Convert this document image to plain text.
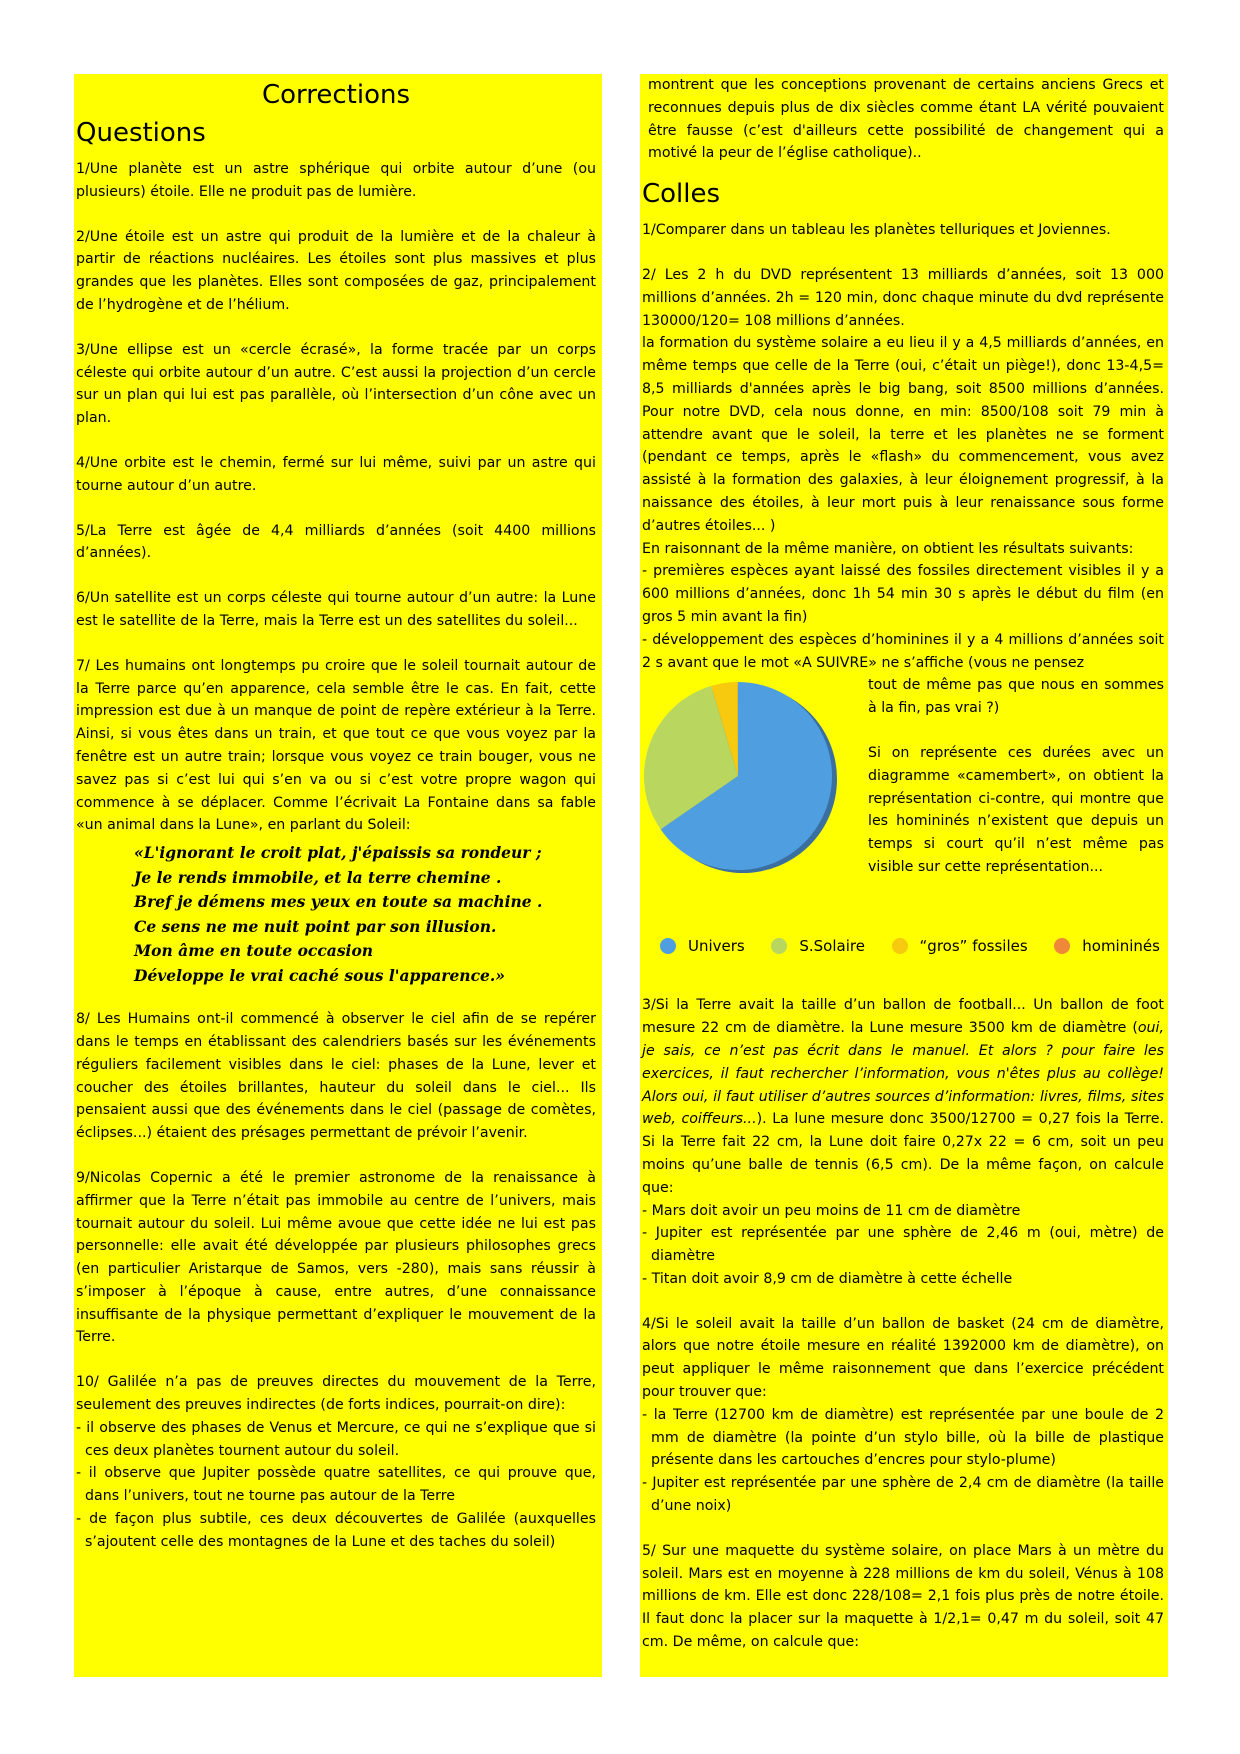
Corrections
Questions

1/Une planète est un astre sphérique qui orbite autour d’une (ou plusieurs) étoile. Elle ne produit pas de lumière.

2/Une étoile est un astre qui produit de la lumière et de la chaleur à partir de réactions nucléaires. Les étoiles sont plus massives et plus grandes que les planètes. Elles sont composées de gaz, principalement de l’hydrogène et de l’hélium.

3/Une ellipse est un «cercle écrasé», la forme tracée par un corps céleste qui orbite autour d’un autre. C’est aussi la projection d’un cercle sur un plan qui lui est pas parallèle, où l’intersection d’un cône avec un plan.

4/Une orbite est le chemin, fermé sur lui même, suivi par un astre qui tourne autour d’un autre.

5/La Terre est âgée de 4,4 milliards d’années (soit 4400 millions d’années).

6/Un satellite est un corps céleste qui tourne autour d’un autre: la Lune est le satellite de la Terre, mais la Terre est un des satellites du soleil...

7/ Les humains ont longtemps pu croire que le soleil tournait autour de la Terre parce qu’en apparence, cela semble être le cas. En fait, cette impression est due à un manque de point de repère extérieur à la Terre. Ainsi, si vous êtes dans un train, et que tout ce que vous voyez par la fenêtre est un autre train; lorsque vous voyez ce train bouger, vous ne savez pas si c’est lui qui s’en va ou si c’est votre propre wagon qui commence à se déplacer. Comme l’écrivait La Fontaine dans sa fable «un animal dans la Lune», en parlant du Soleil:

«L'ignorant le croit plat, j'épaissis sa rondeur ;
Je le rends immobile, et la terre chemine .
Bref je démens mes yeux en toute sa machine .
Ce sens ne me nuit point par son illusion.
Mon âme en toute occasion
Développe le vrai caché sous l'apparence.»

8/ Les Humains ont-il commencé à observer le ciel afin de se repérer dans le temps en établissant des calendriers basés sur les événements réguliers facilement visibles dans le ciel: phases de la Lune, lever et coucher des étoiles brillantes, hauteur du soleil dans le ciel... Ils pensaient aussi que des événements dans le ciel (passage de comètes, éclipses...) étaient des présages permettant de prévoir l’avenir.

9/Nicolas Copernic a été le premier astronome de la renaissance à affirmer que la Terre n’était pas immobile au centre de l’univers, mais tournait autour du soleil. Lui même avoue que cette idée ne lui est pas personnelle: elle avait été développée par plusieurs philosophes grecs (en particulier Aristarque de Samos, vers -280), mais sans réussir à s’imposer à l’époque à cause, entre autres, d’une connaissance insuffisante de la physique permettant d’expliquer le mouvement de la Terre.

10/ Galilée n’a pas de preuves directes du mouvement de la Terre, seulement des preuves indirectes (de forts indices, pourrait-on dire):

- il observe des phases de Venus et Mercure, ce qui ne s’explique que si ces deux planètes tournent autour du soleil.
- il observe que Jupiter possède quatre satellites, ce qui prouve que, dans l’univers, tout ne tourne pas autour de la Terre
- de façon plus subtile, ces deux découvertes de Galilée (auxquelles s’ajoutent celle des montagnes de la Lune et des taches du soleil)

montrent que les conceptions provenant de certains anciens Grecs et reconnues depuis plus de dix siècles comme étant LA vérité pouvaient être fausse (c’est d'ailleurs cette possibilité de changement qui a motivé la peur de l’église catholique)..

Colles

1/Comparer dans un tableau les planètes telluriques et Joviennes.

2/ Les 2 h du DVD représentent 13 milliards d’années, soit 13 000 millions d’années. 2h = 120 min, donc chaque minute du dvd représente 130000/120= 108 millions d’années.

la formation du système solaire a eu lieu il y a 4,5 milliards d’années, en même temps que celle de la Terre (oui, c’était un piège!), donc 13-4,5= 8,5 milliards d'années après le big bang, soit 8500 millions d’années. Pour notre DVD, cela nous donne, en min: 8500/108 soit 79 min à attendre avant que le soleil, la terre et les planètes ne se forment (pendant ce temps, après le «flash» du commencement, vous avez assisté à la formation des galaxies, à leur éloignement progressif, à la naissance des étoiles, à leur mort puis à leur renaissance sous forme d’autres étoiles... )

En raisonnant de la même manière, on obtient les résultats suivants:

- premières espèces ayant laissé des fossiles directement visibles il y a 600 millions d’années, donc 1h 54 min 30 s après le début du film (en gros 5 min avant la fin)
- développement des espèces d’hominines il y a 4 millions d’années soit 2 s avant que le mot «A SUIVRE» ne s’affiche (vous ne pensez
tout de même pas que nous en sommes à la fin, pas vrai ?)
Si on représente ces durées avec un diagramme «camembert», on obtient la représentation ci-contre, qui montre que les homininés n’existent que depuis un temps si court qu’il n’est même pas visible sur cette représentation...
Univers	S.Solaire	“gros” fossiles	homininés

3/Si la Terre avait la taille d’un ballon de football... Un ballon de foot mesure 22 cm de diamètre. la Lune mesure 3500 km de diamètre (oui, je sais, ce n’est pas écrit dans le manuel. Et alors ? pour faire les exercices, il faut rechercher l’information, vous n'êtes plus au collège! Alors oui, il faut utiliser d’autres sources d’information: livres, films, sites web, coiffeurs...). La lune mesure donc 3500/12700 = 0,27 fois la Terre. Si la Terre fait 22 cm, la Lune doit faire 0,27x 22 = 6 cm, soit un peu moins qu’une balle de tennis (6,5 cm). De la même façon, on calcule que:

- Mars doit avoir un peu moins de 11 cm de diamètre
- Jupiter est représentée par une sphère de 2,46 m (oui, mètre) de diamètre
- Titan doit avoir 8,9 cm de diamètre à cette échelle

4/Si le soleil avait la taille d’un ballon de basket (24 cm de diamètre, alors que notre étoile mesure en réalité 1392000 km de diamètre), on peut appliquer le même raisonnement que dans l’exercice précédent pour trouver que:

- la Terre (12700 km de diamètre) est représentée par une boule de 2 mm de diamètre (la pointe d’un stylo bille, où la bille de plastique présente dans les cartouches d’encres pour stylo-plume)
- Jupiter est représentée par une sphère de 2,4 cm de diamètre (la taille d’une noix)

5/ Sur une maquette du système solaire, on place Mars à un mètre du soleil. Mars est en moyenne à 228 millions de km du soleil, Vénus à 108 millions de km. Elle est donc 228/108= 2,1 fois plus près de notre étoile. Il faut donc la placer sur la maquette à 1/2,1= 0,47 m du soleil, soit 47 cm. De même, on calcule que:
